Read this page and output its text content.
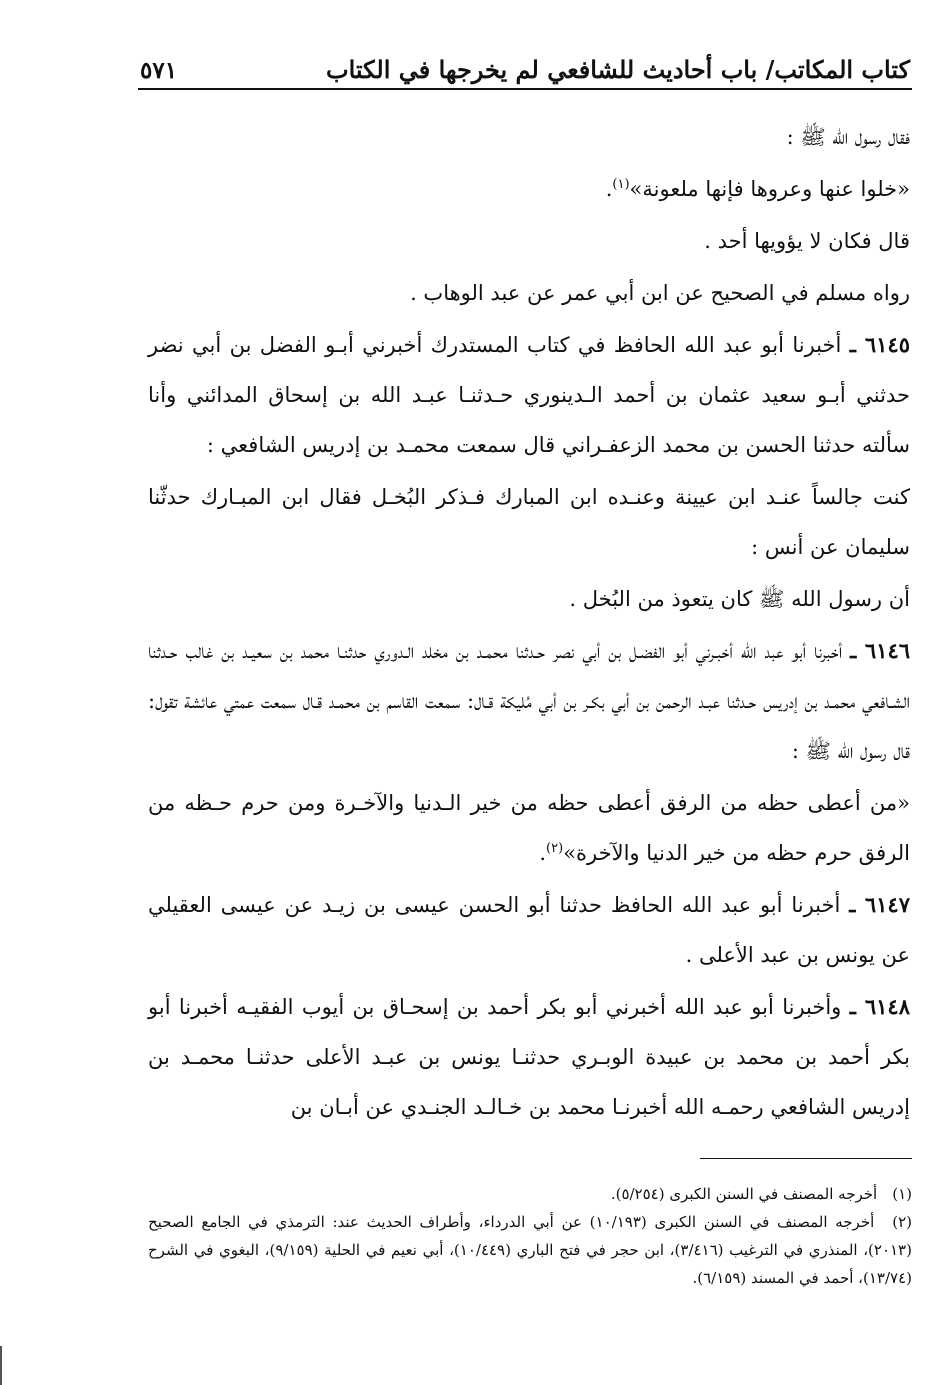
كتاب المكاتب/ باب أحاديث للشافعي لم يخرجها في الكتاب
٥٧١

فقال رسول الله ﷺ :

«خلوا عنها وعروها فإنها ملعونة»$^{(١)}$.

قال فكان لا يؤويها أحد .

رواه مسلم في الصحيح عن ابن أبي عمر عن عبد الوهاب .

٦١٤٥ ـ أخبرنا أبو عبد الله الحافظ في كتاب المستدرك أخبرني أبـو الفضل بن أبي نضر حدثني أبـو سعيد عثمان بن أحمد الـدينوري حـدثنـا عبـد الله بن إسحاق المدائني وأنا سألته حدثنا الحسن بن محمد الزعفـراني قال سمعت محمـد بن إدريس الشافعي :

كنت جالساً عنـد ابن عيينة وعنـده ابن المبارك فـذكر البُخـل فقال ابن المبـارك حدثّنا سليمان عن أنس :

أن رسول الله ﷺ كان يتعوذ من البُخل .

٦١٤٦ ـ أخبرنا أبو عبد الله أخبـرني أبو الفضـل بن أبي نصر حـدثنا محمـد بن مخلد الـدوري حدثنـا محمد بن سعيـد بن غالب حـدثنا الشـافعي محمـد بن إدريس حـدثنا عبـد الرحمن بن أبي بكـر بن أبي مُليكة قـال: سمعت القاسم بن محمـد قـال سمعت عمتي عائشة تقول: قال رسول الله ﷺ :

«من أعطى حظه من الرفق أعطى حظه من خير الـدنيا والآخـرة ومن حرم حـظه من الرفق حرم حظه من خير الدنيا والآخرة»$^{(٢)}$.

٦١٤٧ ـ أخبرنا أبو عبد الله الحافظ حدثنا أبو الحسن عيسى بن زيـد عن عيسى العقيلي عن يونس بن عبد الأعلى .

٦١٤٨ ـ وأخبرنا أبو عبد الله أخبرني أبو بكر أحمد بن إسحـاق بن أيوب الفقيـه أخبرنا أبو بكر أحمد بن محمد بن عبيدة الوبـري حدثنـا يونس بن عبـد الأعلى حدثنـا محمـد بن إدريس الشافعي رحمـه الله أخبرنـا محمد بن خـالـد الجنـدي عن أبـان بن

(١) أخرجه المصنف في السنن الكبرى (٥/٢٥٤).

(٢) أخرجه المصنف في السنن الكبرى (١٠/١٩٣) عن أبي الدرداء، وأطراف الحديث عند: الترمذي في الجامع الصحيح (٢٠١٣)، المنذري في الترغيب (٣/٤١٦)، ابن حجر في فتح الباري (١٠/٤٤٩)، أبي نعيم في الحلية (٩/١٥٩)، البغوي في الشرح (١٣/٧٤)، أحمد في المسند (٦/١٥٩).
